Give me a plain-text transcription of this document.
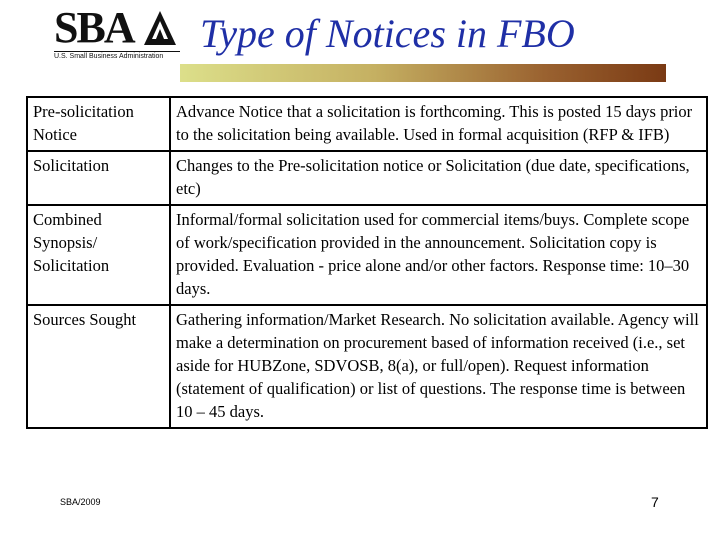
SBA
U.S. Small Business Administration
Type of Notices in FBO
Pre-solicitation Notice	Advance Notice that a solicitation is forthcoming. This is posted 15 days prior to the solicitation being available. Used in formal acquisition (RFP & IFB)
Solicitation	Changes to the Pre-solicitation notice or Solicitation (due date, specifications, etc)
Combined Synopsis/ Solicitation	Informal/formal solicitation used for commercial items/buys. Complete scope of work/specification provided in the announcement. Solicitation copy is provided. Evaluation - price alone and/or other factors. Response time: 10–30 days.
Sources Sought	Gathering information/Market Research. No solicitation available. Agency will make a determination on procurement based of information received (i.e., set aside for HUBZone, SDVOSB, 8(a), or full/open). Request information (statement of qualification) or list of questions. The response time is between 10 – 45 days.
SBA/2009	7
